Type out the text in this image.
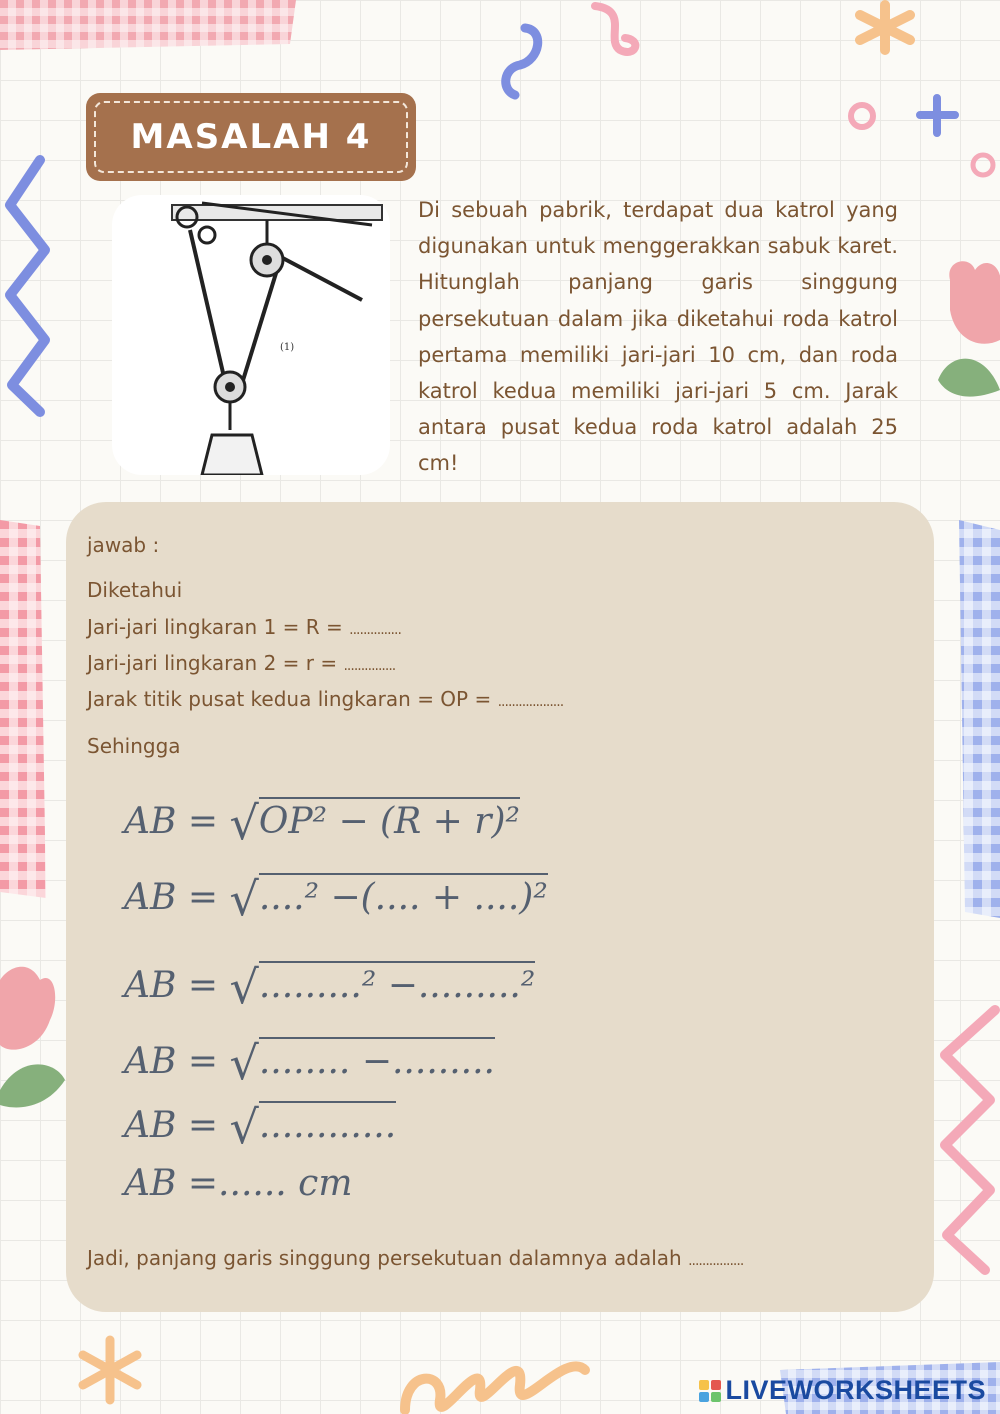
MASALAH 4
(1)
Di sebuah pabrik, terdapat dua katrol yang digunakan untuk menggerakkan sabuk karet. Hitunglah panjang garis singgung persekutuan dalam jika diketahui roda katrol pertama memiliki jari-jari 10 cm, dan roda katrol kedua memiliki jari-jari 5 cm. Jarak antara pusat kedua roda katrol adalah 25 cm!
jawab :
Diketahui
Jari-jari lingkaran 1 = R = ...............
Jari-jari lingkaran 2 = r = ...............
Jarak titik pusat kedua lingkaran = OP = ...................
Sehingga
AB = √OP² − (R + r)²
AB = √....² −(.... + ....)²
AB = √.........² −.........²
AB = √........ −.........
AB = √............
AB =...... cm
Jadi, panjang garis singgung persekutuan dalamnya adalah ................
LIVEWORKSHEETS
